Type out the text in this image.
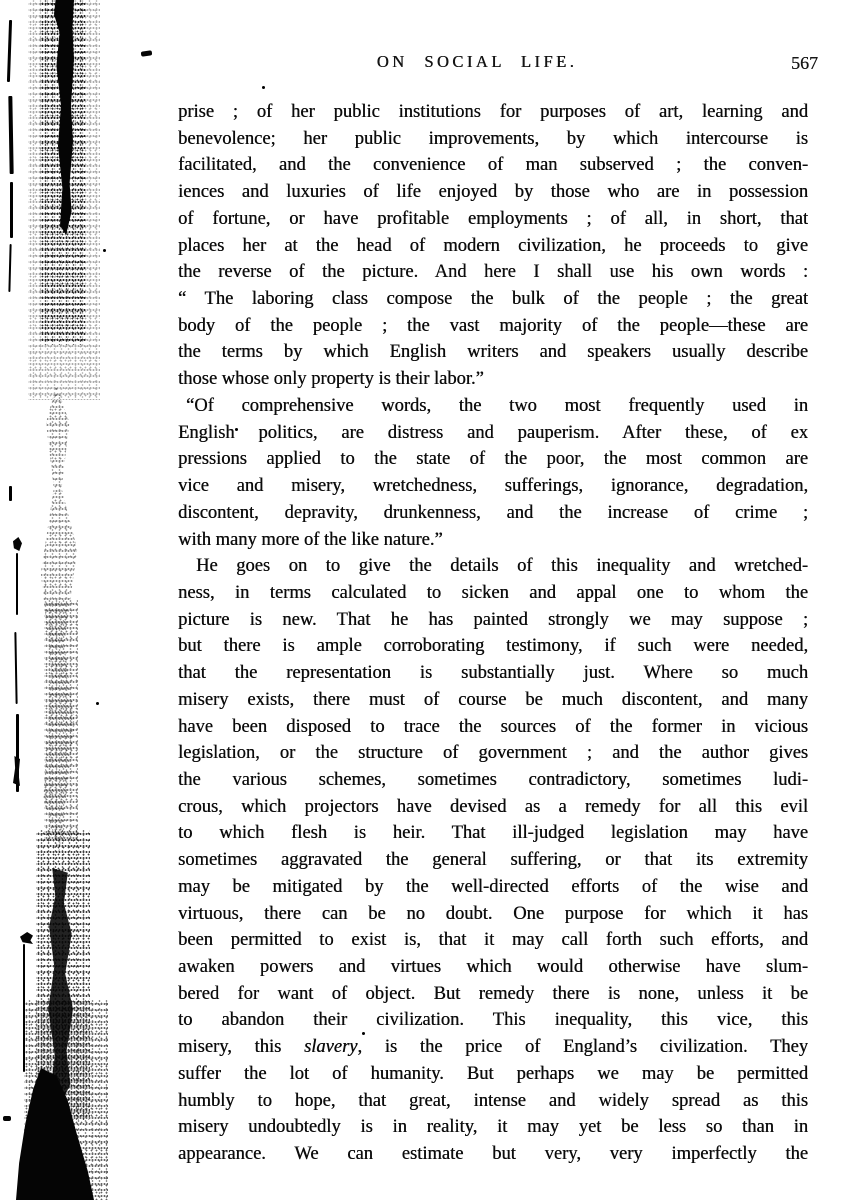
ON SOCIAL LIFE.	567
prise ; of her public institutions for purposes of art, learning and
benevolence; her public improvements, by which intercourse is
facilitated, and the convenience of man subserved ; the conven-
iences and luxuries of life enjoyed by those who are in possession
of fortune, or have profitable employments ; of all, in short, that
places her at the head of modern civilization, he proceeds to give
the reverse of the picture. And here I shall use his own words :
“ The laboring class compose the bulk of the people ; the great
body of the people ; the vast majority of the people—these are
the terms by which English writers and speakers usually describe
those whose only property is their labor.”
“Of comprehensive words, the two most frequently used in
English politics, are distress and pauperism. After these, of ex
pressions applied to the state of the poor, the most common are
vice and misery, wretchedness, sufferings, ignorance, degradation,
discontent, depravity, drunkenness, and the increase of crime ;
with many more of the like nature.”
He goes on to give the details of this inequality and wretched-
ness, in terms calculated to sicken and appal one to whom the
picture is new. That he has painted strongly we may suppose ;
but there is ample corroborating testimony, if such were needed,
that the representation is substantially just. Where so much
misery exists, there must of course be much discontent, and many
have been disposed to trace the sources of the former in vicious
legislation, or the structure of government ; and the author gives
the various schemes, sometimes contradictory, sometimes ludi-
crous, which projectors have devised as a remedy for all this evil
to which flesh is heir. That ill-judged legislation may have
sometimes aggravated the general suffering, or that its extremity
may be mitigated by the well-directed efforts of the wise and
virtuous, there can be no doubt. One purpose for which it has
been permitted to exist is, that it may call forth such efforts, and
awaken powers and virtues which would otherwise have slum-
bered for want of object. But remedy there is none, unless it be
to abandon their civilization. This inequality, this vice, this
misery, this slavery, is the price of England’s civilization. They
suffer the lot of humanity. But perhaps we may be permitted
humbly to hope, that great, intense and widely spread as this
misery undoubtedly is in reality, it may yet be less so than in
appearance. We can estimate but very, very imperfectly the
